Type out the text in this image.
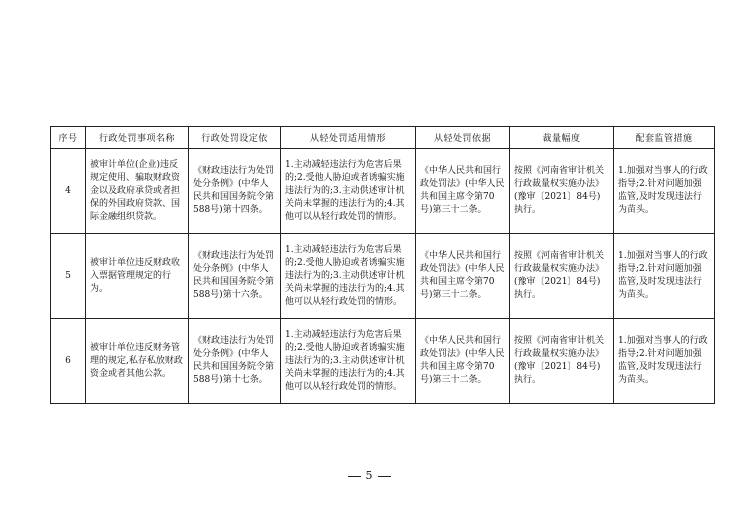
序号	行政处罚事项名称	行政处罚设定依	从轻处罚适用情形	从轻处罚依据	裁量幅度	配套监管措施
4	被审计单位(企业)违反规定使用、骗取财政资金以及政府承贷或者担保的外国政府贷款、国际金融组织贷款。	《财政违法行为处罚处分条例》(中华人民共和国国务院令第588号)第十四条。	1.主动减轻违法行为危害后果的;2.受他人胁迫或者诱骗实施违法行为的;3.主动供述审计机关尚未掌握的违法行为的;4.其他可以从轻行政处罚的情形。	《中华人民共和国行政处罚法》(中华人民共和国主席令第70号)第三十二条。	按照《河南省审计机关行政裁量权实施办法》(豫审〔2021〕84号)执行。	1.加强对当事人的行政指导;2.针对问题加强监管,及时发现违法行为苗头。
5	被审计单位违反财政收入票据管理规定的行为。	《财政违法行为处罚处分条例》(中华人民共和国国务院令第588号)第十六条。	1.主动减轻违法行为危害后果的;2.受他人胁迫或者诱骗实施违法行为的;3.主动供述审计机关尚未掌握的违法行为的;4.其他可以从轻行政处罚的情形。	《中华人民共和国行政处罚法》(中华人民共和国主席令第70号)第三十二条。	按照《河南省审计机关行政裁量权实施办法》(豫审〔2021〕84号)执行。	1.加强对当事人的行政指导;2.针对问题加强监管,及时发现违法行为苗头。
6	被审计单位违反财务管理的规定,私存私放财政资金或者其他公款。	《财政违法行为处罚处分条例》(中华人民共和国国务院令第588号)第十七条。	1.主动减轻违法行为危害后果的;2.受他人胁迫或者诱骗实施违法行为的;3.主动供述审计机关尚未掌握的违法行为的;4.其他可以从轻行政处罚的情形。	《中华人民共和国行政处罚法》(中华人民共和国主席令第70号)第三十二条。	按照《河南省审计机关行政裁量权实施办法》(豫审〔2021〕84号)执行。	1.加强对当事人的行政指导;2.针对问题加强监管,及时发现违法行为苗头。
5
